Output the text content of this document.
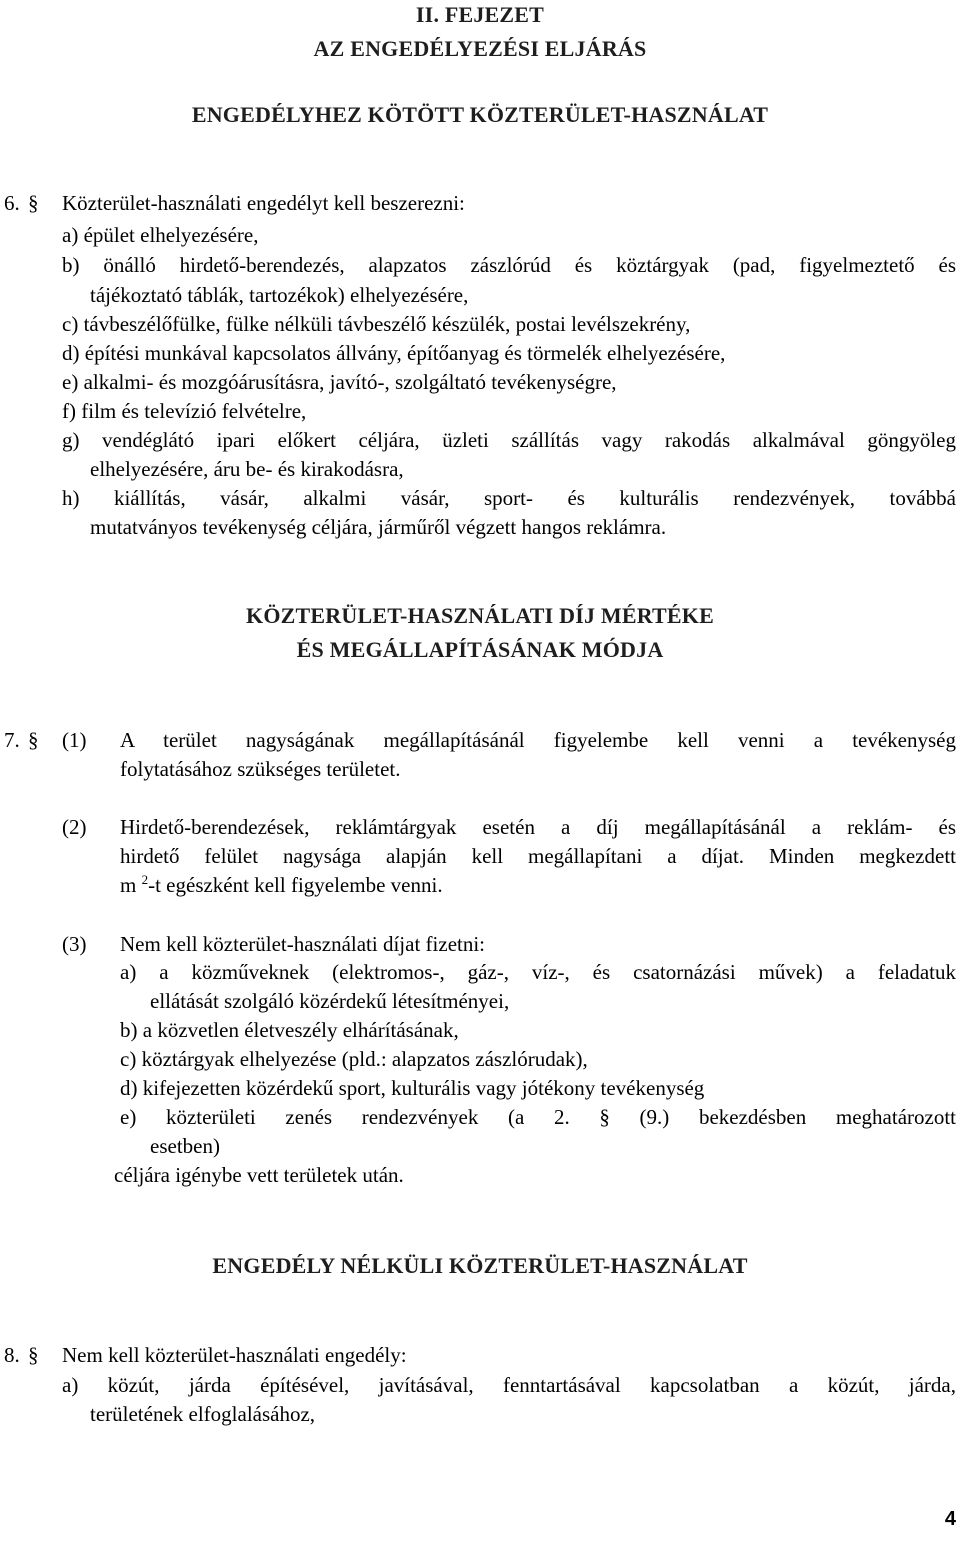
II. FEJEZET
AZ ENGEDÉLYEZÉSI ELJÁRÁS
ENGEDÉLYHEZ KÖTÖTT KÖZTERÜLET-HASZNÁLAT
6. § Közterület-használati engedélyt kell beszerezni:
a) épület elhelyezésére,
b) önálló hirdető-berendezés, alapzatos zászlórúd és köztárgyak (pad, figyelmeztető és
tájékoztató táblák, tartozékok) elhelyezésére,
c) távbeszélőfülke, fülke nélküli távbeszélő készülék, postai levélszekrény,
d) építési munkával kapcsolatos állvány, építőanyag és törmelék elhelyezésére,
e) alkalmi- és mozgóárusításra, javító-, szolgáltató tevékenységre,
f) film és televízió felvételre,
g) vendéglátó ipari előkert céljára, üzleti szállítás vagy rakodás alkalmával göngyöleg
elhelyezésére, áru be- és kirakodásra,
h) kiállítás, vásár, alkalmi vásár, sport- és kulturális rendezvények, továbbá
mutatványos tevékenység céljára, járműről végzett hangos reklámra.
KÖZTERÜLET-HASZNÁLATI DÍJ MÉRTÉKE
ÉS MEGÁLLAPÍTÁSÁNAK MÓDJA
7. § (1) A terület nagyságának megállapításánál figyelembe kell venni a tevékenység
folytatásához szükséges területet.
(2) Hirdető-berendezések, reklámtárgyak esetén a díj megállapításánál a reklám- és
hirdető felület nagysága alapján kell megállapítani a díjat. Minden megkezdett
m $^2$-t egészként kell figyelembe venni.
(3) Nem kell közterület-használati díjat fizetni:
a) a közműveknek (elektromos-, gáz-, víz-, és csatornázási művek) a feladatuk
ellátását szolgáló közérdekű létesítményei,
b) a közvetlen életveszély elhárításának,
c) köztárgyak elhelyezése (pld.: alapzatos zászlórudak),
d) kifejezetten közérdekű sport, kulturális vagy jótékony tevékenység
e) közterületi zenés rendezvények (a 2. § (9.) bekezdésben meghatározott
esetben)
céljára igénybe vett területek után.
ENGEDÉLY NÉLKÜLI KÖZTERÜLET-HASZNÁLAT
8. § Nem kell közterület-használati engedély:
a) közút, járda építésével, javításával, fenntartásával kapcsolatban a közút, járda,
területének elfoglalásához,
4
